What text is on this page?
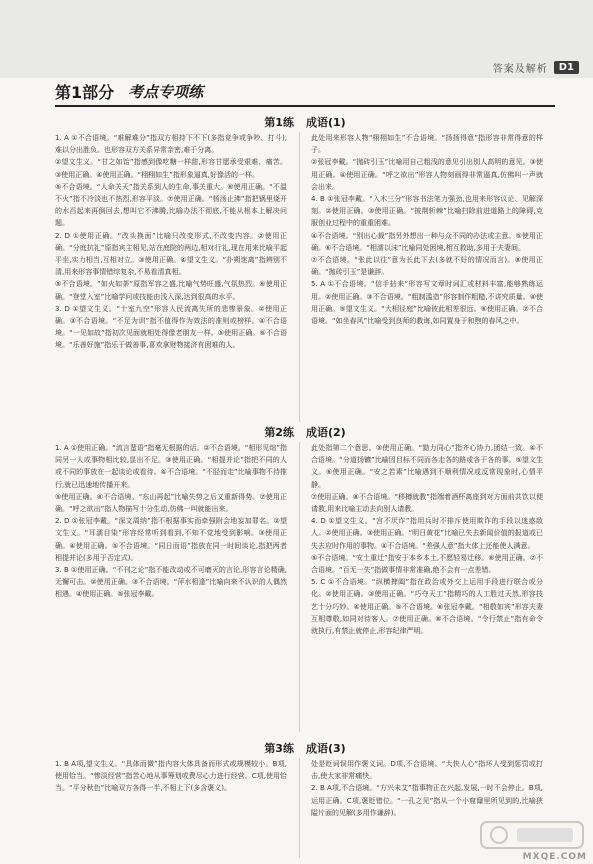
答案及解析	D1
第1部分 考点专项练
第1练 成语(1)

1. A ①不合语境。“难解难分”指双方相持下不下(多指竞争或争吵、打斗),难以分出胜负。也形容双方关系异常亲密,难于分离。

②望文生义。“甘之如饴”指感到像吃糖一样甜,形容甘愿承受艰难、痛苦。③使用正确。④使用正确。“栩栩如生”指形象逼真,好像活的一样。

⑤不合语境。“人命关天”指关系到人的生命,事关重大。⑥使用正确。“不温不火”指不冷淡也不热烈,形容平淡。⑦使用正确。“杨汤止沸”指把锅里烧开的水舀起来再倒回去,想叫它不沸腾,比喻办法不彻底,不能从根本上解决问题。

2. D ①使用正确。“改头换面”比喻只改变形式,不改变内容。②使用正确。“分庭抗礼”原指宾主相见,站在庭院的两边,相对行礼,现在用来比喻平起平坐,实力相当,互相对立。③使用正确。④望文生义。“扑朔迷离”指辨别不清,用来形容事情错综复杂,不易看清真相。

⑤不合语境。“如火如荼”原指军容之盛,比喻气势旺盛,气氛热烈。⑥使用正确。“登堂入室”比喻学问或技能由浅入深,达到很高的水平。

3. D ①望文生义。“十室九空”形容人民流离失所的悲惨景象。②使用正确。③不合语境。“不足为训”指不值得作为效法的准则或榜样。④不合语境。“一见如故”指初次见面就相处得像老朋友一样。⑤使用正确。⑥不合语境。“乐善好施”指乐于做善事,喜欢拿财物接济有困难的人。

此处用来形容人物“栩栩如生”不合语境。“扬扬得意”指形容非常得意的样子。

②张冠李戴。“抛砖引玉”比喻用自己粗浅的意见引出别人高明的意见。③使用正确。④使用正确。“呼之欲出”形容人物刻画得非常逼真,仿佛叫一声就会出来。

4. B ①张冠李戴。“入木三分”形容书法笔力强劲,也用来形容议论、见解深刻。②使用正确。③使用正确。“披荆斩棘”比喻扫除前进道路上的障碍,克服创业过程中的重重困难。

④不合语境。“别出心裁”指另外想出一种与众不同的办法或主意。⑤使用正确。⑥不合语境。“相濡以沫”比喻同处困境,相互救助,多用于夫妻间。

⑦不合语境。“张此以往”意为长此下去(多就不好的情况而言)。⑧使用正确。“抛砖引玉”是谦辞。

5. A ①不合语境。“信手拈来”形容写文章时词汇或材料丰富,能够熟练运用。②使用正确。③不合语境。“粗制滥造”形容制作粗糙,不讲究质量。④使用正确。⑤望文生义。“大相径庭”比喻彼此相差很远。⑥使用正确。⑦不合语境。“如坐春风”比喻受到良师的教诲,如同置身于和煦的春风之中。

第2练 成语(2)

1. A ①使用正确。“流言蜚语”指毫无根据的话。②不合语境。“相形见绌”指同另一人或事物相比较,显出不足。③使用正确。“相提并论”指把不同的人或不同的事放在一起谈论或看待。④不合语境。“不胫而走”比喻事物不待推行,就已迅速地传播开来。

⑤使用正确。⑥不合语境。“东山再起”比喻失势之后又重新得势。⑦使用正确。“呼之欲出”指人物描写十分生动,仿佛一叫就能出来。

2. D ①张冠李戴。“深文周纳”指不根据事实而牵强附会地妄加罪名。②望文生义。“耳濡目染”形容经常听到看到,不知不觉地受到影响。③使用正确。④使用正确。⑤不合语境。“同日而语”指放在同一时间谈论,指把两者相提并论(多用于否定式)。

3. B ①使用正确。“不刊之论”指不能改动或不可磨灭的言论,形容言论精确,无懈可击。②使用正确。③不合语境。“萍水相逢”比喻向来不认识的人偶然相遇。④使用正确。⑤张冠李戴。

此处指第二个意思。③使用正确。“勠力同心”指齐心协力,团结一致。④不合语境。“分道扬镳”比喻因目标不同而各走各的路或各干各的事。⑤望文生义。⑥使用正确。“安之若素”比喻遇到不顺利情况或反常现象时,心情平静。

⑦使用正确。⑧不合语境。“移樽就教”指端着酒杯离座到对方面前共饮以便请教,用来比喻主动去向别人请教。

4. D ①望文生义。“宫不厌诈”指用兵时不排斥使用欺诈的手段以迷惑敌人。②使用正确。③使用正确。“明日黄花”比喻已失去新闻价值的报道或已失去应时作用的事物。④不合语境。“差强人意”指大体上还能使人满意。

⑤不合语境。“安土重迁”指安于本乡本土,不愿轻易迁移。⑥使用正确。⑦不合语境。“百无一失”指做事情非常准确,绝不会有一点差错。

5. C ①不合语境。“纵横捭阖”指在政治或外交上运用手段进行联合或分化。②使用正确。③使用正确。“巧夺天工”指精巧的人工胜过天然,形容技艺十分巧妙。④使用正确。⑤不合语境。⑥张冠李戴。“相敬如宾”形容夫妻互相尊敬,如同对待客人。⑦使用正确。⑧不合语境。“令行禁止”指有命令就执行,有禁止就停止,形容纪律严明。

第3练 成语(3)

1. B A项,望文生义。“具体而微”指内容大体具备而形式或规模较小。B项,使用恰当。“惨淡经营”指苦心地从事筹划或费尽心力进行经营。C项,使用恰当。“平分秋色”比喻双方各得一半,不相上下(多含褒义)。

处是贬词误用作褒义词。D项,不合语境。“大快人心”指坏人受到惩罚或打击,使大家非常痛快。

2. B A项,不合语境。“方兴未艾”指事物正在兴起,发展,一时不会停止。B项,运用正确。C项,褒贬错位。“一孔之见”指从一个小窟窿里所见到的,比喻狭隘片面的见解(多用作谦辞)。

MXQE.COM
